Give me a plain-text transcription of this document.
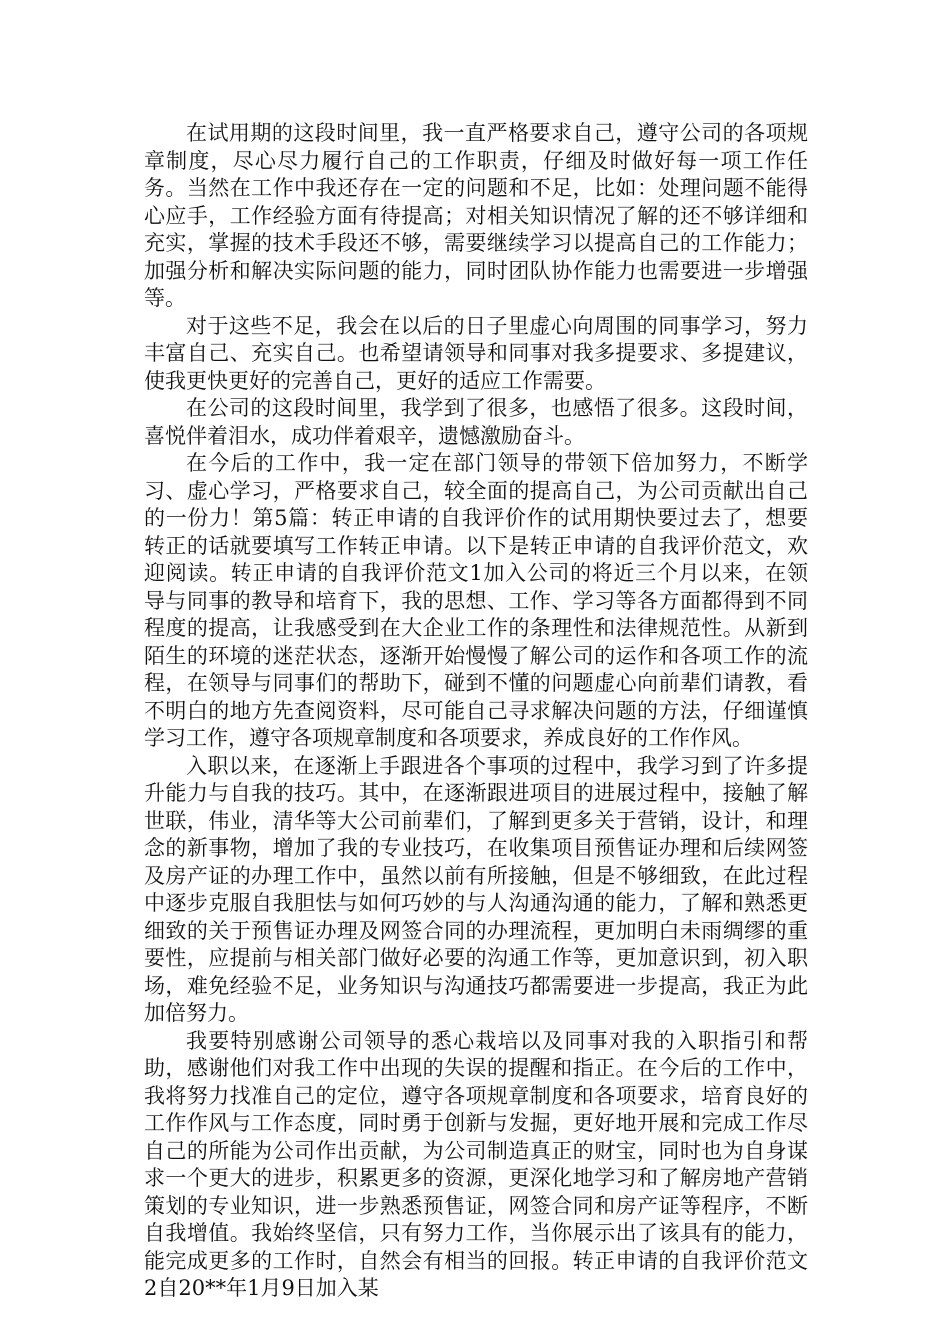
在试用期的这段时间里，我一直严格要求自己，遵守公司的各项规章制度，尽心尽力履行自己的工作职责，仔细及时做好每一项工作任务。当然在工作中我还存在一定的问题和不足，比如：处理问题不能得心应手，工作经验方面有待提高；对相关知识情况了解的还不够详细和充实，掌握的技术手段还不够，需要继续学习以提高自己的工作能力；加强分析和解决实际问题的能力，同时团队协作能力也需要进一步增强等。

对于这些不足，我会在以后的日子里虚心向周围的同事学习，努力丰富自己、充实自己。也希望请领导和同事对我多提要求、多提建议，使我更快更好的完善自己，更好的适应工作需要。

在公司的这段时间里，我学到了很多，也感悟了很多。这段时间，喜悦伴着泪水，成功伴着艰辛，遗憾激励奋斗。

在今后的工作中，我一定在部门领导的带领下倍加努力，不断学习、虚心学习，严格要求自己，较全面的提高自己，为公司贡献出自己的一份力！第5篇：转正申请的自我评价作的试用期快要过去了，想要转正的话就要填写工作转正申请。以下是转正申请的自我评价范文，欢迎阅读。转正申请的自我评价范文1加入公司的将近三个月以来，在领导与同事的教导和培育下，我的思想、工作、学习等各方面都得到不同程度的提高，让我感受到在大企业工作的条理性和法律规范性。从新到陌生的环境的迷茫状态，逐渐开始慢慢了解公司的运作和各项工作的流程，在领导与同事们的帮助下，碰到不懂的问题虚心向前辈们请教，看不明白的地方先查阅资料，尽可能自己寻求解决问题的方法，仔细谨慎学习工作，遵守各项规章制度和各项要求，养成良好的工作作风。

入职以来，在逐渐上手跟进各个事项的过程中，我学习到了许多提升能力与自我的技巧。其中，在逐渐跟进项目的进展过程中，接触了解世联，伟业，清华等大公司前辈们，了解到更多关于营销，设计，和理念的新事物，增加了我的专业技巧，在收集项目预售证办理和后续网签及房产证的办理工作中，虽然以前有所接触，但是不够细致，在此过程中逐步克服自我胆怯与如何巧妙的与人沟通沟通的能力，了解和熟悉更细致的关于预售证办理及网签合同的办理流程，更加明白未雨绸缪的重要性，应提前与相关部门做好必要的沟通工作等，更加意识到，初入职场，难免经验不足，业务知识与沟通技巧都需要进一步提高，我正为此加倍努力。

我要特别感谢公司领导的悉心栽培以及同事对我的入职指引和帮助，感谢他们对我工作中出现的失误的提醒和指正。在今后的工作中，我将努力找准自己的定位，遵守各项规章制度和各项要求，培育良好的工作作风与工作态度，同时勇于创新与发掘，更好地开展和完成工作尽自己的所能为公司作出贡献，为公司制造真正的财宝，同时也为自身谋求一个更大的进步，积累更多的资源，更深化地学习和了解房地产营销策划的专业知识，进一步熟悉预售证，网签合同和房产证等程序，不断自我增值。我始终坚信，只有努力工作，当你展示出了该具有的能力，能完成更多的工作时，自然会有相当的回报。转正申请的自我评价范文2自20**年1月9日加入某
